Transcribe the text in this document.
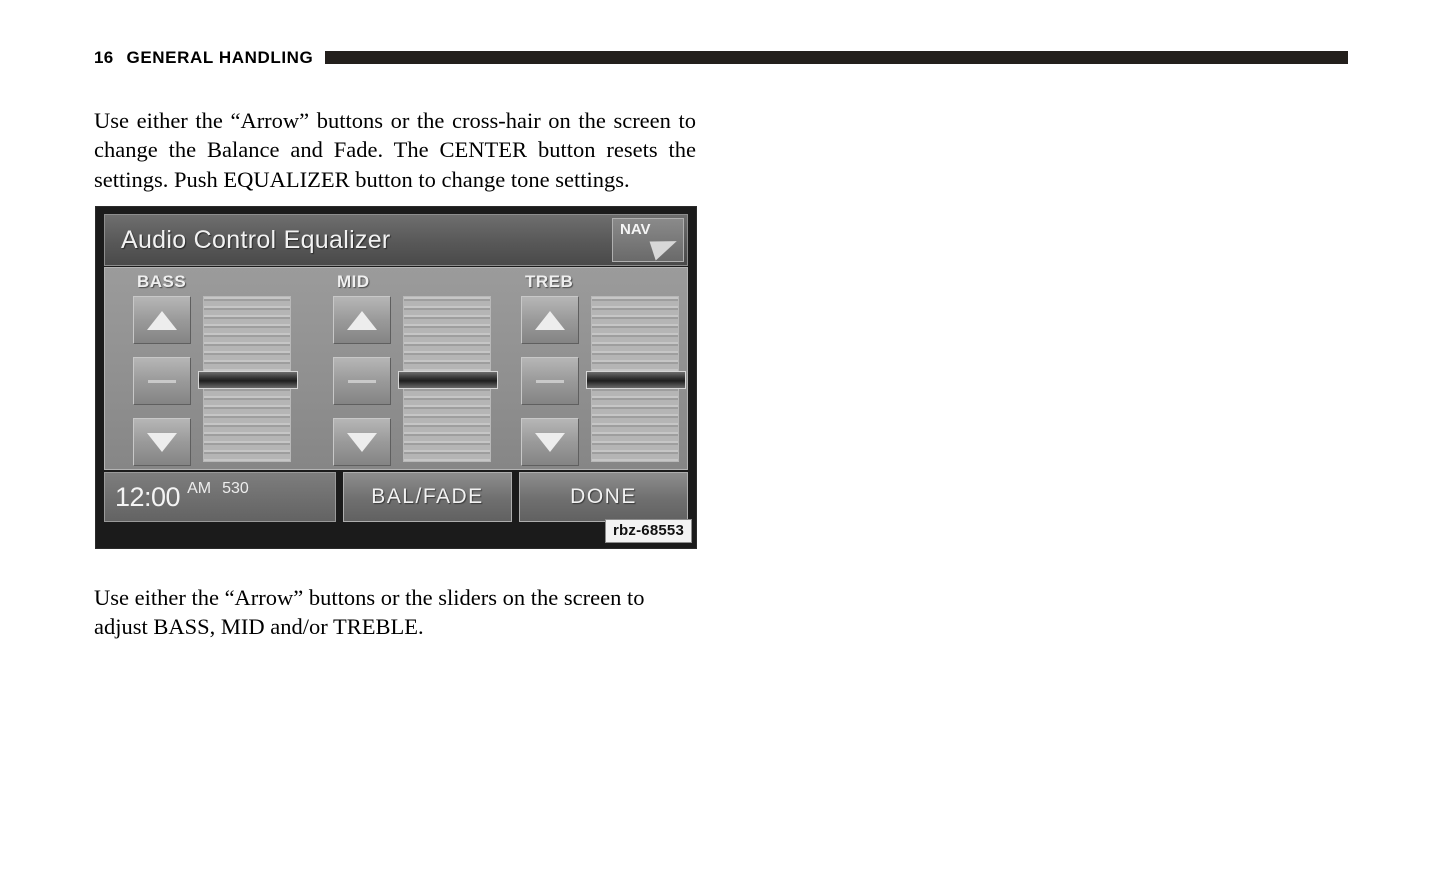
16 GENERAL HANDLING

Use either the “Arrow” buttons or the cross-hair on the screen to change the Balance and Fade. The CENTER button resets the settings. Push EQUALIZER button to change tone settings.

Audio Control Equalizer	NAV
BASS	MID	TREB
12:00 AM 530	BAL/FADE	DONE
rbz-68553

Use either the “Arrow” buttons or the sliders on the screen to adjust BASS, MID and/or TREBLE.
